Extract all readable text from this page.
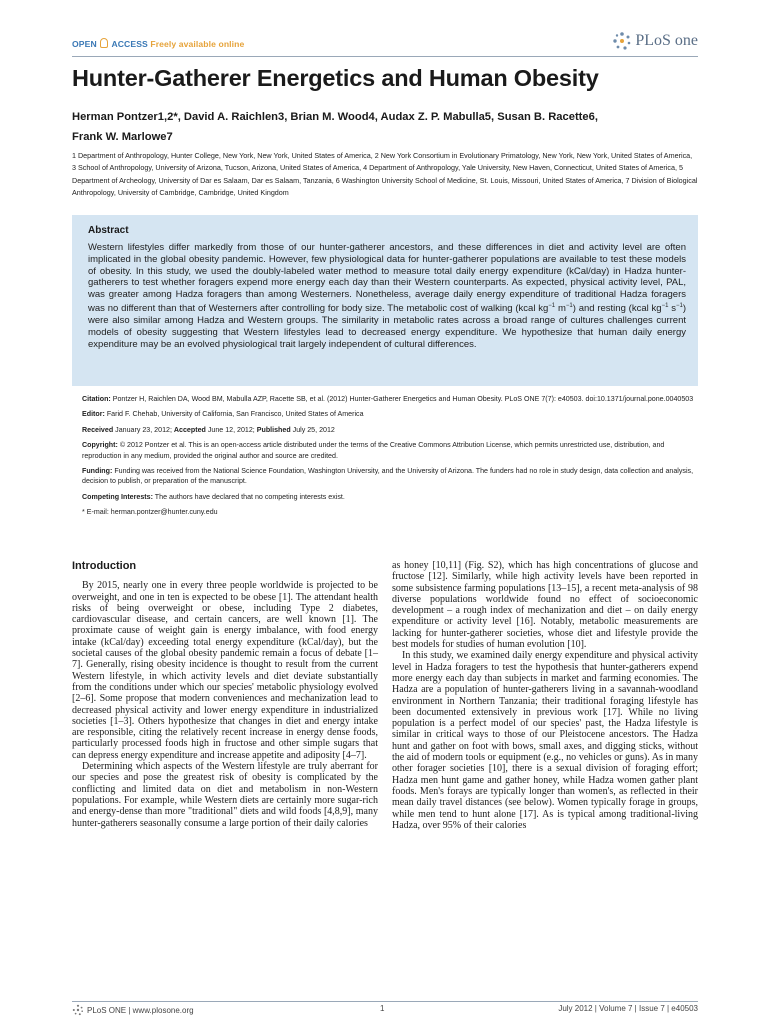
OPEN ACCESS Freely available online	PLoS one
Hunter-Gatherer Energetics and Human Obesity
Herman Pontzer1,2*, David A. Raichlen3, Brian M. Wood4, Audax Z. P. Mabulla5, Susan B. Racette6,
Frank W. Marlowe7
1 Department of Anthropology, Hunter College, New York, New York, United States of America, 2 New York Consortium in Evolutionary Primatology, New York, New York, United States of America, 3 School of Anthropology, University of Arizona, Tucson, Arizona, United States of America, 4 Department of Anthropology, Yale University, New Haven, Connecticut, United States of America, 5 Department of Archeology, University of Dar es Salaam, Dar es Salaam, Tanzania, 6 Washington University School of Medicine, St. Louis, Missouri, United States of America, 7 Division of Biological Anthropology, University of Cambridge, Cambridge, United Kingdom
Abstract
Western lifestyles differ markedly from those of our hunter-gatherer ancestors, and these differences in diet and activity level are often implicated in the global obesity pandemic. However, few physiological data for hunter-gatherer populations are available to test these models of obesity. In this study, we used the doubly-labeled water method to measure total daily energy expenditure (kCal/day) in Hadza hunter-gatherers to test whether foragers expend more energy each day than their Western counterparts. As expected, physical activity level, PAL, was greater among Hadza foragers than among Westerners. Nonetheless, average daily energy expenditure of traditional Hadza foragers was no different than that of Westerners after controlling for body size. The metabolic cost of walking (kcal $kg^{-1}$ $m^{-1}$) and resting (kcal $kg^{-1}$ $s^{-1}$) were also similar among Hadza and Western groups. The similarity in metabolic rates across a broad range of cultures challenges current models of obesity suggesting that Western lifestyles lead to decreased energy expenditure. We hypothesize that human daily energy expenditure may be an evolved physiological trait largely independent of cultural differences.

Citation: Pontzer H, Raichlen DA, Wood BM, Mabulla AZP, Racette SB, et al. (2012) Hunter-Gatherer Energetics and Human Obesity. PLoS ONE 7(7): e40503. doi:10.1371/journal.pone.0040503

Editor: Farid F. Chehab, University of California, San Francisco, United States of America

Received January 23, 2012; Accepted June 12, 2012; Published July 25, 2012

Copyright: © 2012 Pontzer et al. This is an open-access article distributed under the terms of the Creative Commons Attribution License, which permits unrestricted use, distribution, and reproduction in any medium, provided the original author and source are credited.

Funding: Funding was received from the National Science Foundation, Washington University, and the University of Arizona. The funders had no role in study design, data collection and analysis, decision to publish, or preparation of the manuscript.

Competing Interests: The authors have declared that no competing interests exist.

* E-mail: herman.pontzer@hunter.cuny.edu

Introduction

By 2015, nearly one in every three people worldwide is projected to be overweight, and one in ten is expected to be obese [1]. The attendant health risks of being overweight or obese, including Type 2 diabetes, cardiovascular disease, and certain cancers, are well known [1]. The proximate cause of weight gain is energy imbalance, with food energy intake (kCal/day) exceeding total energy expenditure (kCal/day), but the societal causes of the global obesity pandemic remain a focus of debate [1–7]. Generally, rising obesity incidence is thought to result from the current Western lifestyle, in which activity levels and diet deviate substantially from the conditions under which our species' metabolic physiology evolved [2–6]. Some propose that modern conveniences and mechanization lead to decreased physical activity and lower energy expenditure in industrialized societies [1–3]. Others hypothesize that changes in diet and energy intake are responsible, citing the relatively recent increase in energy dense foods, particularly processed foods high in fructose and other simple sugars that can depress energy expenditure and increase appetite and adiposity [4–7].

Determining which aspects of the Western lifestyle are truly aberrant for our species and pose the greatest risk of obesity is complicated by the conflicting and limited data on diet and metabolism in non-Western populations. For example, while Western diets are certainly more sugar-rich and energy-dense than more "traditional" diets and wild foods [4,8,9], many hunter-gatherers seasonally consume a large portion of their daily calories

as honey [10,11] (Fig. S2), which has high concentrations of glucose and fructose [12]. Similarly, while high activity levels have been reported in some subsistence farming populations [13–15], a recent meta-analysis of 98 diverse populations worldwide found no effect of socioeconomic development – a rough index of mechanization and diet – on daily energy expenditure or activity level [16]. Notably, metabolic measurements are lacking for hunter-gatherer societies, whose diet and lifestyle provide the best models for studies of human evolution [10].

In this study, we examined daily energy expenditure and physical activity level in Hadza foragers to test the hypothesis that hunter-gatherers expend more energy each day than subjects in market and farming economies. The Hadza are a population of hunter-gatherers living in a savannah-woodland environment in Northern Tanzania; their traditional foraging lifestyle has been documented extensively in previous work [17]. While no living population is a perfect model of our species' past, the Hadza lifestyle is similar in critical ways to those of our Pleistocene ancestors. The Hadza hunt and gather on foot with bows, small axes, and digging sticks, without the aid of modern tools or equipment (e.g., no vehicles or guns). As in many other forager societies [10], there is a sexual division of foraging effort; Hadza men hunt game and gather honey, while Hadza women gather plant foods. Men's forays are typically longer than women's, as reflected in their mean daily travel distances (see below). Women typically forage in groups, while men tend to hunt alone [17]. As is typical among traditional-living Hadza, over 95% of their calories

PLoS ONE | www.plosone.org	1	July 2012 | Volume 7 | Issue 7 | e40503
